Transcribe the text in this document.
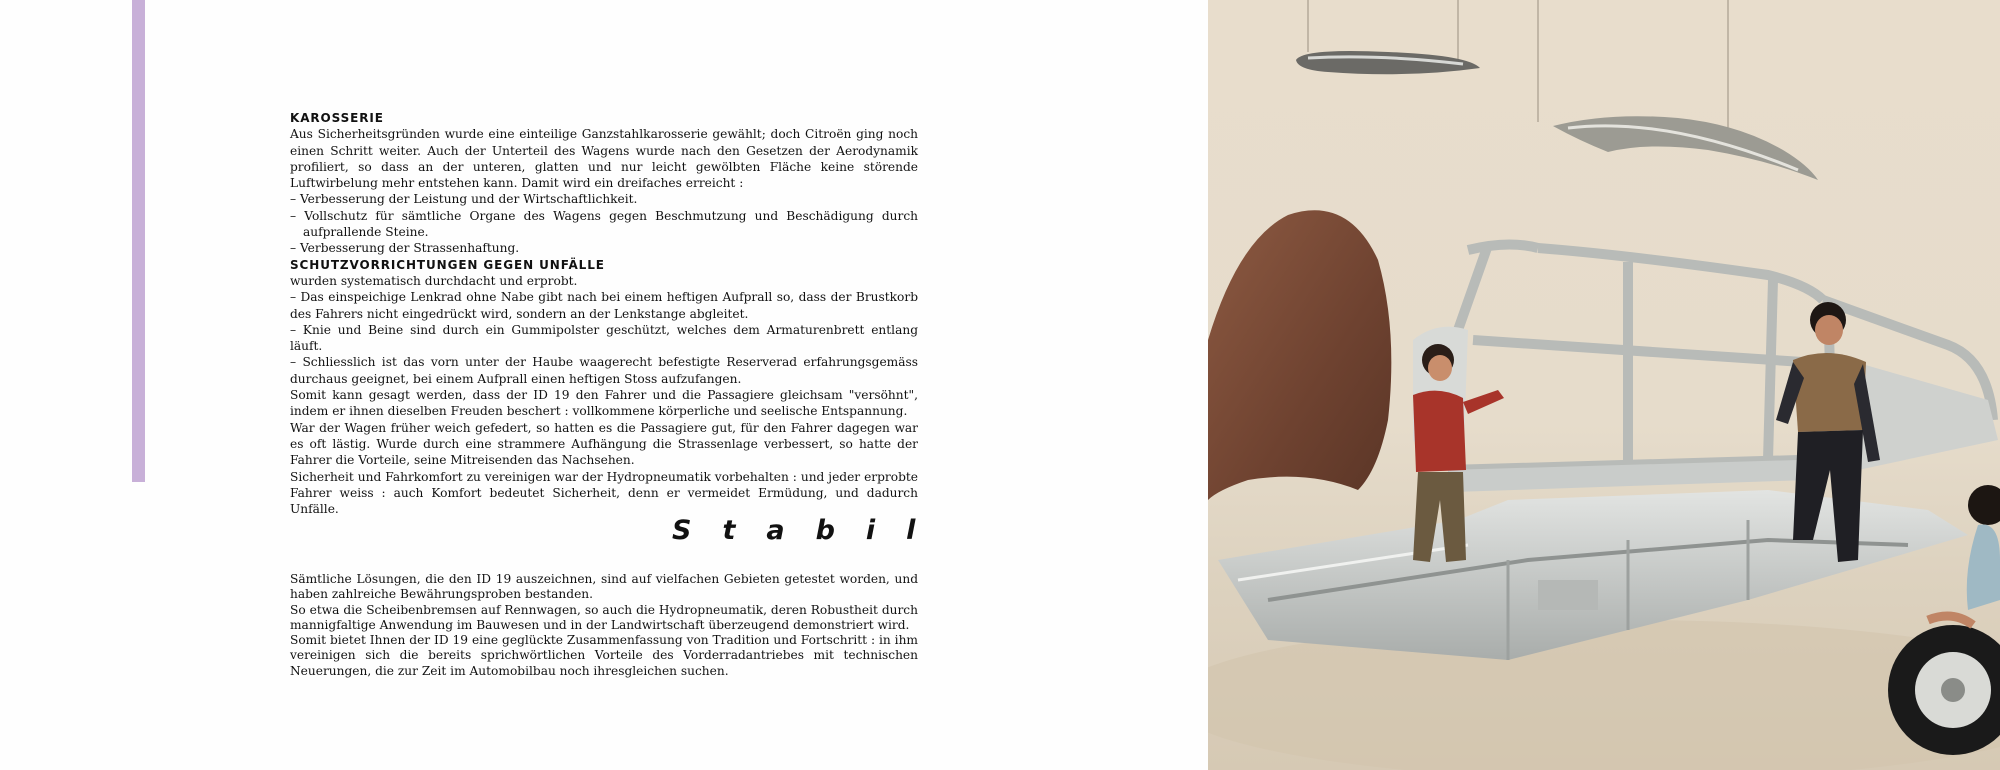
KAROSSERIE

Aus Sicherheitsgründen wurde eine einteilige Ganzstahlkarosserie gewählt; doch Citroën ging noch einen Schritt weiter. Auch der Unterteil des Wagens wurde nach den Gesetzen der Aerodynamik profiliert, so dass an der unteren, glatten und nur leicht gewölbten Fläche keine störende Luftwirbelung mehr entstehen kann. Damit wird ein dreifaches erreicht :

– Verbesserung der Leistung und der Wirtschaftlichkeit.

– Vollschutz für sämtliche Organe des Wagens gegen Beschmutzung und Beschädigung durch aufprallende Steine.

– Verbesserung der Strassenhaftung.

SCHUTZVORRICHTUNGEN GEGEN UNFÄLLE

wurden systematisch durchdacht und erprobt.

– Das einspeichige Lenkrad ohne Nabe gibt nach bei einem heftigen Aufprall so, dass der Brustkorb des Fahrers nicht eingedrückt wird, sondern an der Lenkstange abgleitet.

– Knie und Beine sind durch ein Gummipolster geschützt, welches dem Armaturenbrett entlang läuft.

– Schliesslich ist das vorn unter der Haube waagerecht befestigte Reserverad erfahrungsgemäss durchaus geeignet, bei einem Aufprall einen heftigen Stoss aufzufangen.

Somit kann gesagt werden, dass der ID 19 den Fahrer und die Passagiere gleichsam "versöhnt", indem er ihnen dieselben Freuden beschert : vollkommene körperliche und seelische Entspannung.

War der Wagen früher weich gefedert, so hatten es die Passagiere gut, für den Fahrer dagegen war es oft lästig. Wurde durch eine strammere Aufhängung die Strassenlage verbessert, so hatte der Fahrer die Vorteile, seine Mitreisenden das Nachsehen.

Sicherheit und Fahrkomfort zu vereinigen war der Hydropneumatik vorbehalten : und jeder erprobte Fahrer weiss : auch Komfort bedeutet Sicherheit, denn er vermeidet Ermüdung, und dadurch Unfälle.

Stabil

Sämtliche Lösungen, die den ID 19 auszeichnen, sind auf vielfachen Gebieten getestet worden, und haben zahlreiche Bewährungsproben bestanden.

So etwa die Scheibenbremsen auf Rennwagen, so auch die Hydropneumatik, deren Robustheit durch mannigfaltige Anwendung im Bauwesen und in der Landwirtschaft überzeugend demonstriert wird.

Somit bietet Ihnen der ID 19 eine geglückte Zusammenfassung von Tradition und Fortschritt : in ihm vereinigen sich die bereits sprichwörtlichen Vorteile des Vorderradantriebes mit technischen Neuerungen, die zur Zeit im Automobilbau noch ihresgleichen suchen.
